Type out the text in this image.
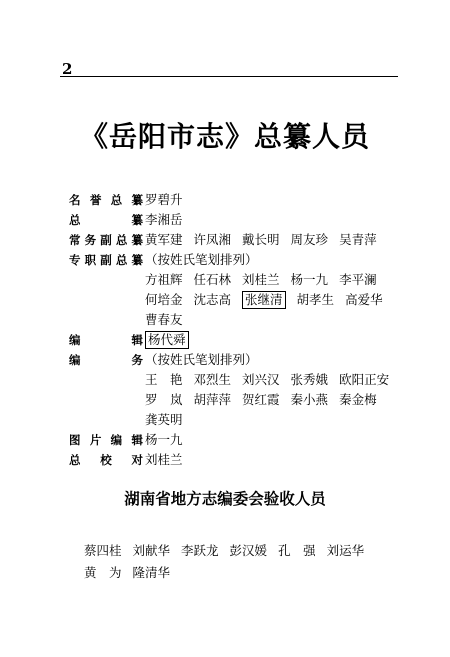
2
《岳阳市志》总纂人员
名誉总纂 罗碧升
总纂 李湘岳
常务副总纂 黄军建 许凤湘 戴长明 周友珍 吴青萍
专职副总纂 （按姓氏笔划排列）
方祖辉 任石林 刘桂兰 杨一九 李平澜
何培金 沈志高 张继清 胡孝生 高爱华
曹春友
编辑 杨代舜
编务 （按姓氏笔划排列）
王　艳 邓烈生 刘兴汉 张秀娥 欧阳正安
罗　岚 胡萍萍 贺红霞 秦小燕 秦金梅
龚英明
图片编辑 杨一九
总校对 刘桂兰
湖南省地方志编委会验收人员
蔡四桂 刘献华 李跃龙 彭汉媛 孔　强 刘运华
黄　为 隆清华
